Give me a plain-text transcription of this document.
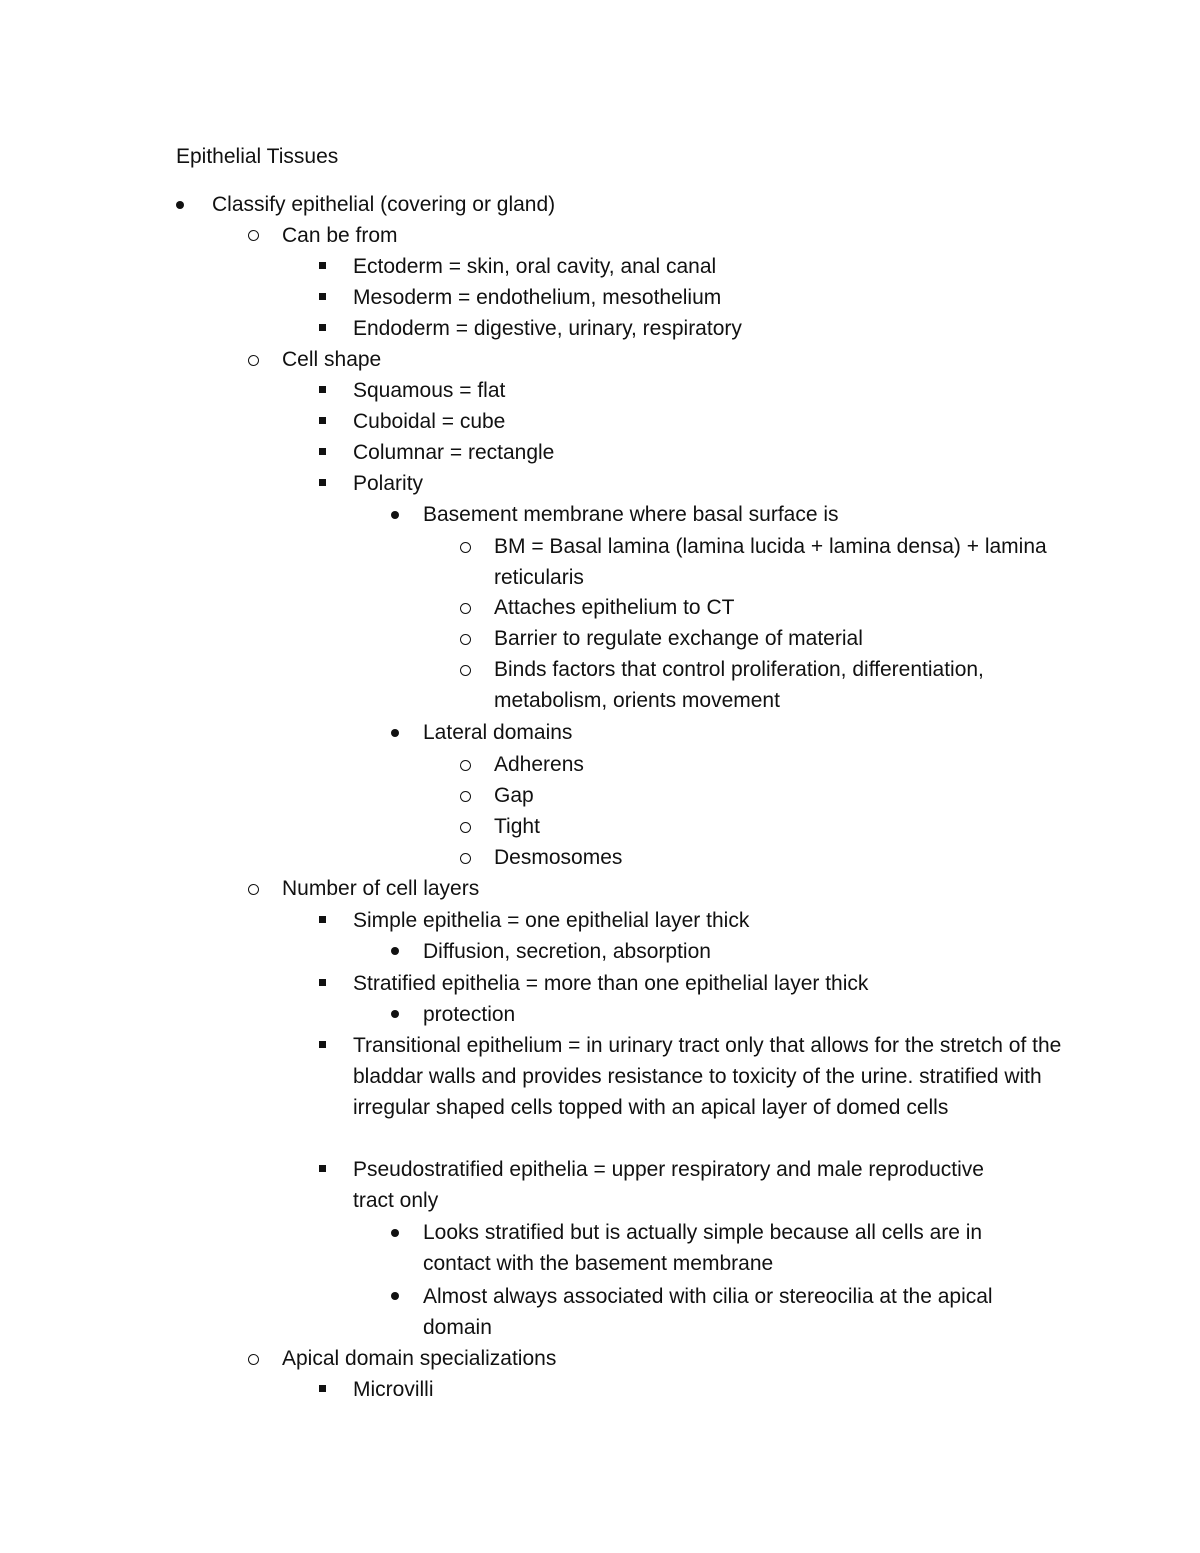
Epithelial Tissues
Classify epithelial (covering or gland)
Can be from
Ectoderm = skin, oral cavity, anal canal
Mesoderm = endothelium, mesothelium
Endoderm = digestive, urinary, respiratory
Cell shape
Squamous = flat
Cuboidal = cube
Columnar = rectangle
Polarity
Basement membrane where basal surface is
BM = Basal lamina (lamina lucida + lamina densa) + lamina reticularis
Attaches epithelium to CT
Barrier to regulate exchange of material
Binds factors that control proliferation, differentiation, metabolism, orients movement
Lateral domains
Adherens
Gap
Tight
Desmosomes
Number of cell layers
Simple epithelia = one epithelial layer thick
Diffusion, secretion, absorption
Stratified epithelia = more than one epithelial layer thick
protection
Transitional epithelium = in urinary tract only that allows for the stretch of the bladdar walls and provides resistance to toxicity of the urine. stratified with irregular shaped cells topped with an apical layer of domed cells
Pseudostratified epithelia = upper respiratory and male reproductive tract only
Looks stratified but is actually simple because all cells are in contact with the basement membrane
Almost always associated with cilia or stereocilia at the apical domain
Apical domain specializations
Microvilli
